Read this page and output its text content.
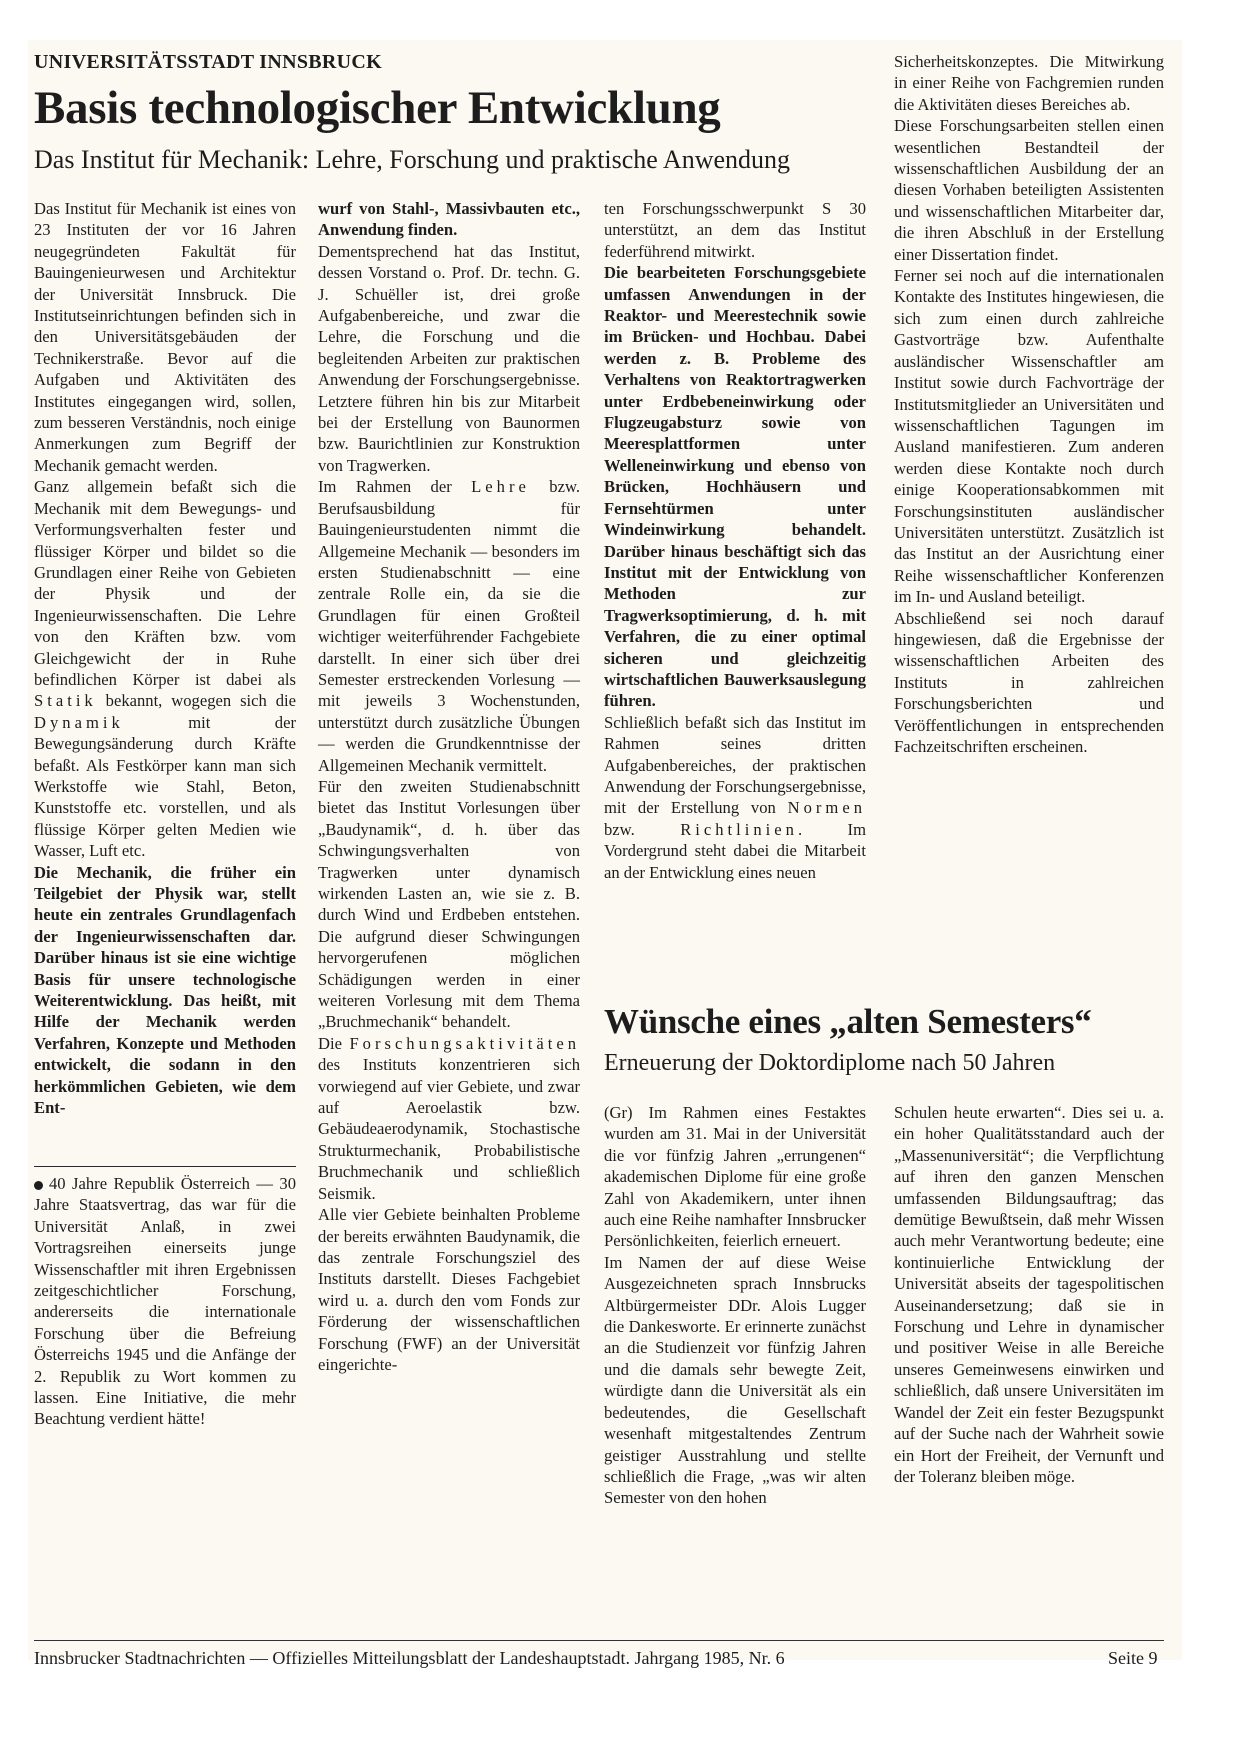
UNIVERSITÄTSSTADT INNSBRUCK
Basis technologischer Entwicklung
Das Institut für Mechanik: Lehre, Forschung und praktische Anwendung

Das Institut für Mechanik ist eines von 23 Instituten der vor 16 Jahren neugegründeten Fakultät für Bauingenieurwesen und Architektur der Universität Innsbruck. Die Institutseinrichtungen befinden sich in den Universitätsgebäuden der Technikerstraße. Bevor auf die Aufgaben und Aktivitäten des Institutes eingegangen wird, sollen, zum besseren Verständnis, noch einige Anmerkungen zum Begriff der Mechanik gemacht werden.

Ganz allgemein befaßt sich die Mechanik mit dem Bewegungs- und Verformungsverhalten fester und flüssiger Körper und bildet so die Grundlagen einer Reihe von Gebieten der Physik und der Ingenieurwissenschaften. Die Lehre von den Kräften bzw. vom Gleichgewicht der in Ruhe befindlichen Körper ist dabei als Statik bekannt, wogegen sich die Dynamik	mit der Bewegungsänderung durch Kräfte befaßt. Als Festkörper kann man sich Werkstoffe wie Stahl, Beton, Kunststoffe etc. vorstellen, und als flüssige Körper gelten Medien wie Wasser, Luft etc.

Die Mechanik, die früher ein Teilgebiet der Physik war, stellt heute ein zentrales Grundlagenfach der Ingenieurwissenschaften dar. Darüber hinaus ist sie eine wichtige Basis für unsere technologische Weiterentwicklung. Das heißt, mit Hilfe der Mechanik werden Verfahren, Konzepte und Methoden entwickelt, die sodann in den herkömmlichen Gebieten, wie dem Ent-

40 Jahre Republik Österreich — 30 Jahre Staatsvertrag, das war für die Universität Anlaß, in zwei Vortragsreihen einerseits junge Wissenschaftler mit ihren Ergebnissen zeitgeschichtlicher Forschung, andererseits die internationale Forschung über die Befreiung Österreichs 1945 und die Anfänge der 2. Republik zu Wort kommen zu lassen. Eine Initiative, die mehr Beachtung verdient hätte!

wurf von Stahl-, Massivbauten etc., Anwendung finden.

Dementsprechend hat das Institut, dessen Vorstand o. Prof. Dr. techn. G. J. Schuëller ist, drei große Aufgabenbereiche, und zwar die Lehre, die Forschung und die begleitenden Arbeiten zur praktischen Anwendung der Forschungsergebnisse. Letztere führen hin bis zur Mitarbeit bei der Erstellung von Baunormen bzw. Baurichtlinien zur Konstruktion von Tragwerken.

Im Rahmen der Lehre bzw. Berufsausbildung für Bauingenieurstudenten nimmt die Allgemeine Mechanik — besonders im ersten Studienabschnitt — eine zentrale Rolle ein, da sie die Grundlagen für einen Großteil wichtiger weiterführender Fachgebiete darstellt. In einer sich über drei Semester erstreckenden Vorlesung — mit jeweils 3 Wochenstunden, unterstützt durch zusätzliche Übungen — werden die Grundkenntnisse der Allgemeinen Mechanik vermittelt.

Für den zweiten Studienabschnitt bietet das Institut Vorlesungen über „Baudynamik“, d. h. über das Schwingungsverhalten von Tragwerken unter dynamisch wirkenden Lasten an, wie sie z. B. durch Wind und Erdbeben entstehen. Die aufgrund dieser Schwingungen hervorgerufenen möglichen Schädigungen werden in einer weiteren Vorlesung mit dem Thema „Bruchmechanik“ behandelt.

Die Forschungsaktivitäten des Instituts konzentrieren sich vorwiegend auf vier Gebiete, und zwar auf Aeroelastik bzw. Gebäudeaerodynamik, Stochastische Strukturmechanik, Probabilistische Bruchmechanik und schließlich Seismik.

Alle vier Gebiete beinhalten Probleme der bereits erwähnten Baudynamik, die das zentrale Forschungsziel des Instituts darstellt. Dieses Fachgebiet wird u. a. durch den vom Fonds zur Förderung der wissenschaftlichen Forschung (FWF) an der Universität eingerichte-

ten Forschungsschwerpunkt S 30 unterstützt, an dem das Institut federführend mitwirkt.

Die bearbeiteten Forschungsgebiete umfassen Anwendungen in der Reaktor- und Meerestechnik sowie im Brücken- und Hochbau. Dabei werden z. B. Probleme des Verhaltens von Reaktortragwerken unter Erdbebeneinwirkung oder Flugzeugabsturz sowie von Meeresplattformen unter Welleneinwirkung und ebenso von Brücken, Hochhäusern und Fernsehtürmen unter Windeinwirkung behandelt. Darüber hinaus beschäftigt sich das Institut mit der Entwicklung von Methoden zur Tragwerksoptimierung, d. h. mit Verfahren, die zu einer optimal sicheren und gleichzeitig wirtschaftlichen Bauwerksauslegung führen.

Schließlich befaßt sich das Institut im Rahmen seines dritten Aufgabenbereiches, der praktischen Anwendung der Forschungsergebnisse, mit der Erstellung von Normen bzw.	Richtlinien. Im Vordergrund steht dabei die Mitarbeit an der Entwicklung eines neuen

Sicherheitskonzeptes. Die Mitwirkung in einer Reihe von Fachgremien runden die Aktivitäten dieses Bereiches ab.

Diese Forschungsarbeiten stellen einen wesentlichen Bestandteil der wissenschaftlichen Ausbildung der an diesen Vorhaben beteiligten Assistenten und wissenschaftlichen Mitarbeiter dar, die ihren Abschluß in der Erstellung einer Dissertation findet.

Ferner sei noch auf die internationalen Kontakte des Institutes hingewiesen, die sich zum einen durch zahlreiche Gastvorträge bzw. Aufenthalte ausländischer Wissenschaftler am Institut sowie durch Fachvorträge der Institutsmitglieder an Universitäten und wissenschaftlichen Tagungen im Ausland manifestieren. Zum anderen werden diese Kontakte noch durch einige Kooperationsabkommen mit Forschungsinstituten ausländischer Universitäten unterstützt. Zusätzlich ist das Institut an der Ausrichtung einer Reihe wissenschaftlicher Konferenzen im In- und Ausland beteiligt.

Abschließend sei noch darauf hingewiesen, daß die Ergebnisse der wissenschaftlichen Arbeiten des Instituts in zahlreichen Forschungsberichten und Veröffentlichungen in entsprechenden Fachzeitschriften erscheinen.

Wünsche eines „alten Semesters“
Erneuerung der Doktordiplome nach 50 Jahren

(Gr) Im Rahmen eines Festaktes wurden am 31. Mai in der Universität die vor fünfzig Jahren „errungenen“ akademischen Diplome für eine große Zahl von Akademikern, unter ihnen auch eine Reihe namhafter Innsbrucker Persönlichkeiten, feierlich erneuert.

Im Namen der auf diese Weise Ausgezeichneten sprach Innsbrucks Altbürgermeister DDr. Alois Lugger die Dankesworte. Er erinnerte zunächst an die Studienzeit vor fünfzig Jahren und die damals sehr bewegte Zeit, würdigte dann die Universität als ein bedeutendes, die Gesellschaft wesenhaft mitgestaltendes Zentrum geistiger Ausstrahlung und stellte schließlich die Frage, „was wir alten Semester von den hohen

Schulen heute erwarten“. Dies sei u. a. ein hoher Qualitätsstandard auch der „Massenuniversität“; die Verpflichtung auf ihren den ganzen Menschen umfassenden Bildungsauftrag; das demütige Bewußtsein, daß mehr Wissen auch mehr Verantwortung bedeute; eine kontinuierliche Entwicklung der Universität abseits der tagespolitischen Auseinandersetzung; daß sie in Forschung und Lehre in dynamischer und positiver Weise in alle Bereiche unseres Gemeinwesens einwirken und schließlich, daß unsere Universitäten im Wandel der Zeit ein fester Bezugspunkt auf der Suche nach der Wahrheit sowie ein Hort der Freiheit, der Vernunft und der Toleranz bleiben möge.

Innsbrucker Stadtnachrichten — Offizielles Mitteilungsblatt der Landeshauptstadt. Jahrgang 1985, Nr. 6	Seite 9
